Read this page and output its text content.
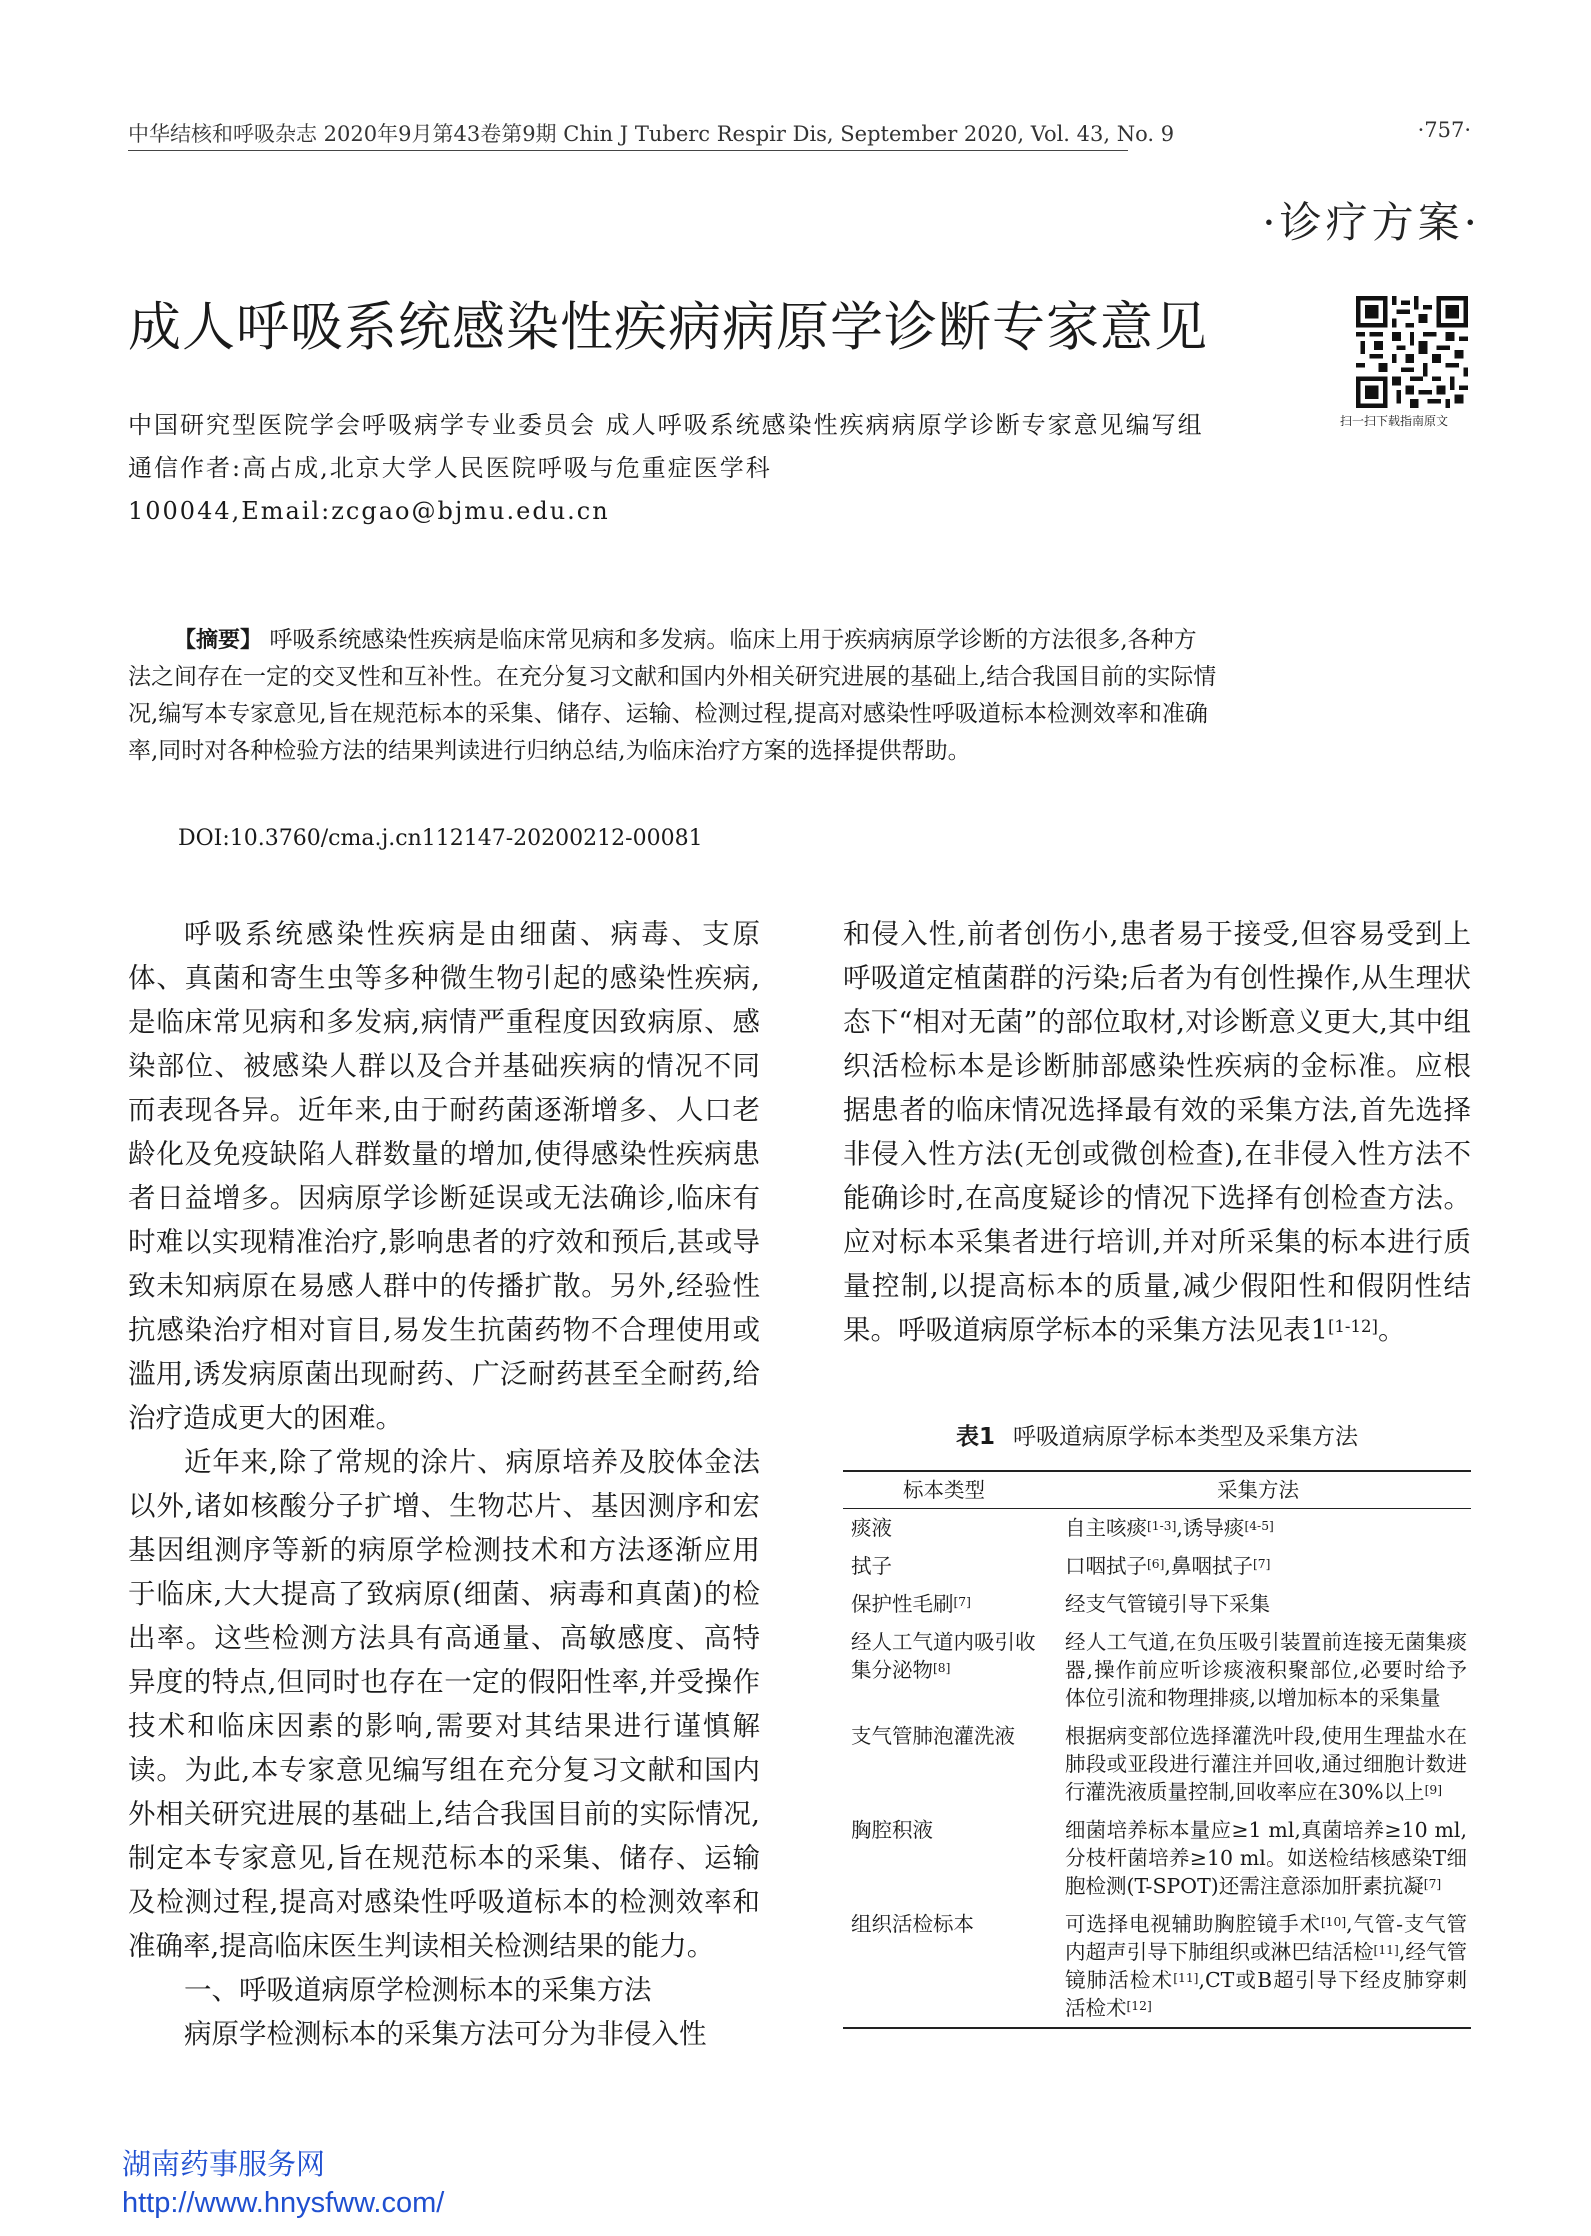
中华结核和呼吸杂志 2020年9月第43卷第9期 Chin J Tuberc Respir Dis, September 2020, Vol. 43, No. 9	·757·
·诊疗方案·
成人呼吸系统感染性疾病病原学诊断专家意见
扫一扫下载指南原文
中国研究型医院学会呼吸病学专业委员会 成人呼吸系统感染性疾病病原学诊断专家意见编写组
通信作者:高占成,北京大学人民医院呼吸与危重症医学科 100044,Email:zcgao@bjmu.edu.cn
【摘要】 呼吸系统感染性疾病是临床常见病和多发病。临床上用于疾病病原学诊断的方法很多,各种方法之间存在一定的交叉性和互补性。在充分复习文献和国内外相关研究进展的基础上,结合我国目前的实际情况,编写本专家意见,旨在规范标本的采集、储存、运输、检测过程,提高对感染性呼吸道标本检测效率和准确率,同时对各种检验方法的结果判读进行归纳总结,为临床治疗方案的选择提供帮助。
DOI:10.3760/cma.j.cn112147-20200212-00081

呼吸系统感染性疾病是由细菌、病毒、支原体、真菌和寄生虫等多种微生物引起的感染性疾病,是临床常见病和多发病,病情严重程度因致病原、感染部位、被感染人群以及合并基础疾病的情况不同而表现各异。近年来,由于耐药菌逐渐增多、人口老龄化及免疫缺陷人群数量的增加,使得感染性疾病患者日益增多。因病原学诊断延误或无法确诊,临床有时难以实现精准治疗,影响患者的疗效和预后,甚或导致未知病原在易感人群中的传播扩散。另外,经验性抗感染治疗相对盲目,易发生抗菌药物不合理使用或滥用,诱发病原菌出现耐药、广泛耐药甚至全耐药,给治疗造成更大的困难。

近年来,除了常规的涂片、病原培养及胶体金法以外,诸如核酸分子扩增、生物芯片、基因测序和宏基因组测序等新的病原学检测技术和方法逐渐应用于临床,大大提高了致病原(细菌、病毒和真菌)的检出率。这些检测方法具有高通量、高敏感度、高特异度的特点,但同时也存在一定的假阳性率,并受操作技术和临床因素的影响,需要对其结果进行谨慎解读。为此,本专家意见编写组在充分复习文献和国内外相关研究进展的基础上,结合我国目前的实际情况,制定本专家意见,旨在规范标本的采集、储存、运输及检测过程,提高对感染性呼吸道标本的检测效率和准确率,提高临床医生判读相关检测结果的能力。

一、呼吸道病原学检测标本的采集方法

病原学检测标本的采集方法可分为非侵入性

和侵入性,前者创伤小,患者易于接受,但容易受到上呼吸道定植菌群的污染;后者为有创性操作,从生理状态下“相对无菌”的部位取材,对诊断意义更大,其中组织活检标本是诊断肺部感染性疾病的金标准。应根据患者的临床情况选择最有效的采集方法,首先选择非侵入性方法(无创或微创检查),在非侵入性方法不能确诊时,在高度疑诊的情况下选择有创检查方法。应对标本采集者进行培训,并对所采集的标本进行质量控制,以提高标本的质量,减少假阳性和假阴性结果。呼吸道病原学标本的采集方法见表1[1-12]。

表1 呼吸道病原学标本类型及采集方法
标本类型	采集方法
痰液	自主咳痰[1-3],诱导痰[4-5]
拭子	口咽拭子[6],鼻咽拭子[7]
保护性毛刷[7]	经支气管镜引导下采集
经人工气道内吸引收集分泌物[8]	经人工气道,在负压吸引装置前连接无菌集痰器,操作前应听诊痰液积聚部位,必要时给予体位引流和物理排痰,以增加标本的采集量
支气管肺泡灌洗液	根据病变部位选择灌洗叶段,使用生理盐水在肺段或亚段进行灌注并回收,通过细胞计数进行灌洗液质量控制,回收率应在30%以上[9]
胸腔积液	细菌培养标本量应≥1 ml,真菌培养≥10 ml,分枝杆菌培养≥10 ml。如送检结核感染T细胞检测(T-SPOT)还需注意添加肝素抗凝[7]
组织活检标本	可选择电视辅助胸腔镜手术[10],气管-支气管内超声引导下肺组织或淋巴结活检[11],经气管镜肺活检术[11],CT或B超引导下经皮肺穿刺活检术[12]
湖南药事服务网
http://www.hnysfww.com/
